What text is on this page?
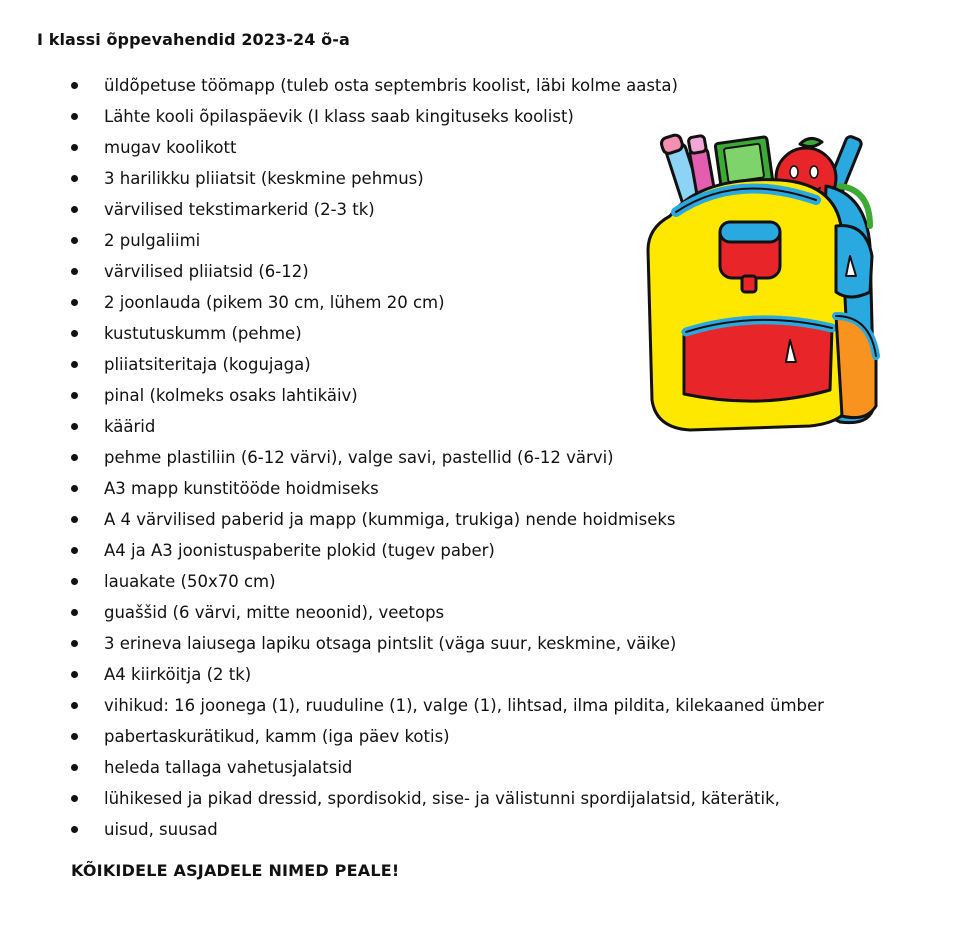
I klassi õppevahendid 2023-24 õ-a
üldõpetuse töömapp (tuleb osta septembris koolist, läbi kolme aasta)
Lähte kooli õpilaspäevik (I klass saab kingituseks koolist)
mugav koolikott
3 harilikku pliiatsit (keskmine pehmus)
värvilised tekstimarkerid (2-3 tk)
2 pulgaliimi
värvilised pliiatsid (6-12)
2 joonlauda (pikem 30 cm, lühem 20 cm)
kustutuskumm (pehme)
pliiatsiteritaja (kogujaga)
pinal (kolmeks osaks lahtikäiv)
käärid
pehme plastiliin (6-12 värvi), valge savi, pastellid (6-12 värvi)
A3 mapp kunstitööde hoidmiseks
A 4 värvilised paberid ja mapp (kummiga, trukiga) nende hoidmiseks
A4 ja A3 joonistuspaberite plokid (tugev paber)
lauakate (50x70 cm)
guaššid (6 värvi, mitte neoonid), veetops
3 erineva laiusega lapiku otsaga pintslit (väga suur, keskmine, väike)
A4 kiirköitja (2 tk)
vihikud: 16 joonega (1), ruuduline (1), valge (1), lihtsad, ilma pildita, kilekaaned ümber
pabertaskurätikud, kamm (iga päev kotis)
heleda tallaga vahetusjalatsid
lühikesed ja pikad dressid, spordisokid, sise- ja välistunni spordijalatsid, käterätik,
uisud, suusad
KÕIKIDELE ASJADELE NIMED PEALE!
